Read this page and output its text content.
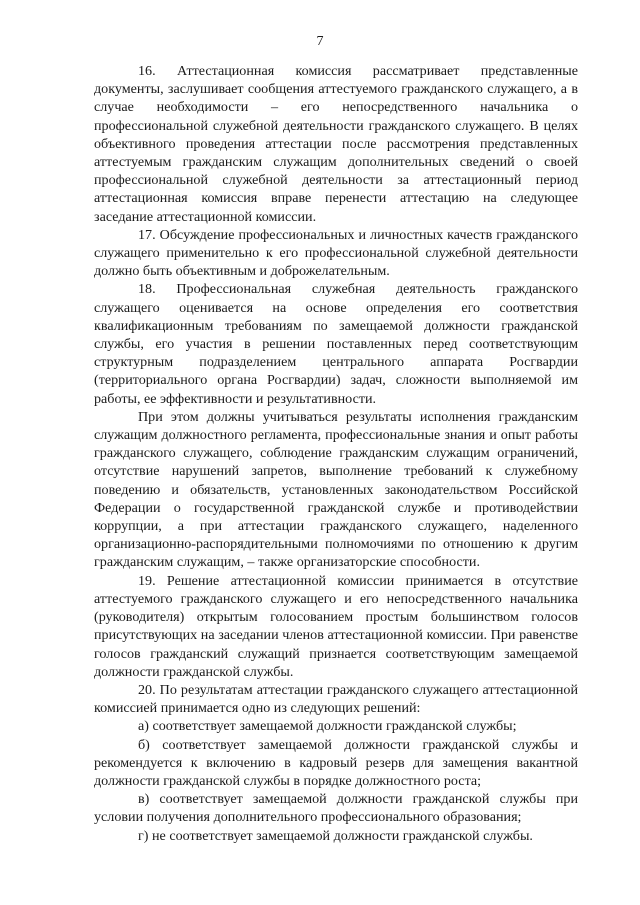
7

16. Аттестационная комиссия рассматривает представленные документы, заслушивает сообщения аттестуемого гражданского служащего, а в случае необходимости – его непосредственного начальника о профессиональной служебной деятельности гражданского служащего. В целях объективного проведения аттестации после рассмотрения представленных аттестуемым гражданским служащим дополнительных сведений о своей профессиональной служебной деятельности за аттестационный период аттестационная комиссия вправе перенести аттестацию на следующее заседание аттестационной комиссии.

17. Обсуждение профессиональных и личностных качеств гражданского служащего применительно к его профессиональной служебной деятельности должно быть объективным и доброжелательным.

18. Профессиональная служебная деятельность гражданского служащего оценивается на основе определения его соответствия квалификационным требованиям по замещаемой должности гражданской службы, его участия в решении поставленных перед соответствующим структурным подразделением центрального аппарата Росгвардии (территориального органа Росгвардии) задач, сложности выполняемой им работы, ее эффективности и результативности.

При этом должны учитываться результаты исполнения гражданским служащим должностного регламента, профессиональные знания и опыт работы гражданского служащего, соблюдение гражданским служащим ограничений, отсутствие нарушений запретов, выполнение требований к служебному поведению и обязательств, установленных законодательством Российской Федерации о государственной гражданской службе и противодействии коррупции, а при аттестации гражданского служащего, наделенного организационно-распорядительными полномочиями по отношению к другим гражданским служащим, – также организаторские способности.

19. Решение аттестационной комиссии принимается в отсутствие аттестуемого гражданского служащего и его непосредственного начальника (руководителя) открытым голосованием простым большинством голосов присутствующих на заседании членов аттестационной комиссии. При равенстве голосов гражданский служащий признается соответствующим замещаемой должности гражданской службы.

20. По результатам аттестации гражданского служащего аттестационной комиссией принимается одно из следующих решений:

а) соответствует замещаемой должности гражданской службы;

б) соответствует замещаемой должности гражданской службы и рекомендуется к включению в кадровый резерв для замещения вакантной должности гражданской службы в порядке должностного роста;

в) соответствует замещаемой должности гражданской службы при условии получения дополнительного профессионального образования;

г) не соответствует замещаемой должности гражданской службы.
